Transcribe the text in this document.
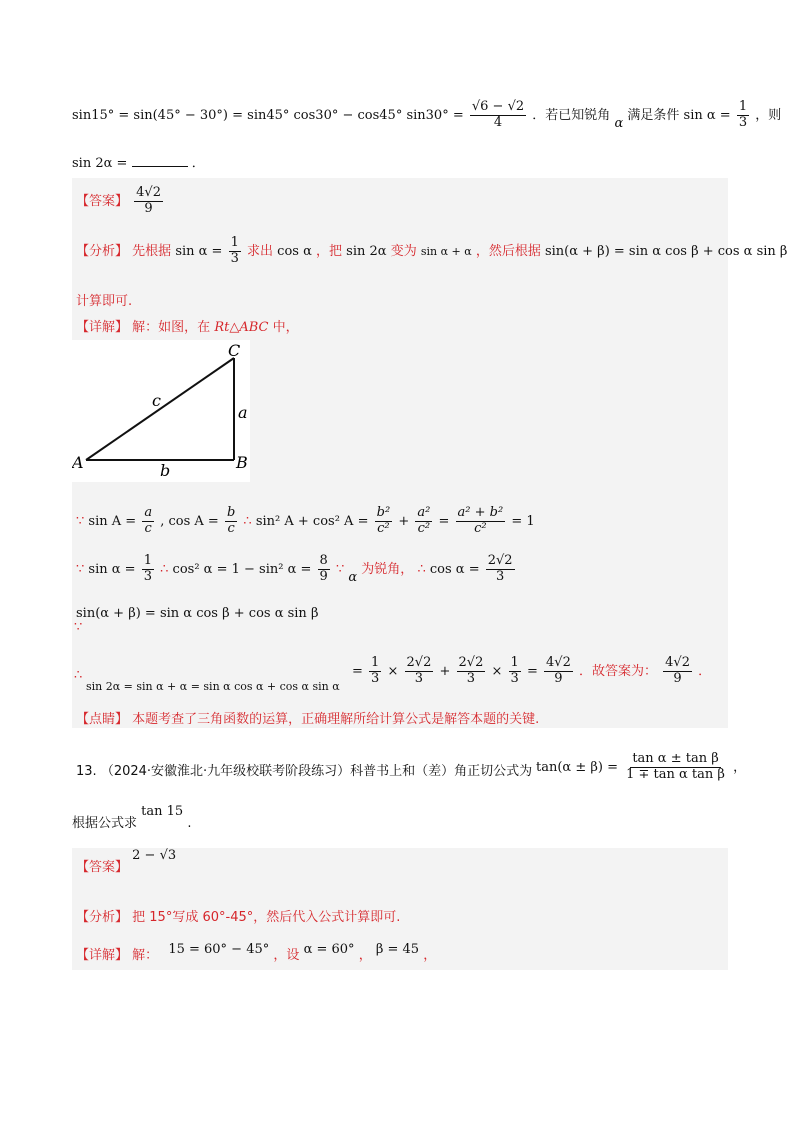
sin15° = sin(45° − 30°) = sin45° cos30° − cos45° $\sin 30^\circ = \frac{√6 - √2}{4}$ ．若已知锐角 α 满足条件 $\sin \alpha = \frac{1}{3}$ ，则
sin 2α =	．
【答案】 $\frac{4√2}{9}$
【分析】 先根据 $\sin \alpha = \frac{1}{3}$ 求出 cos α ，把 sin 2α 变为 sin α + α ，然后根据 sin(α + β) = sin α cos β + cos α sin β
计算即可.
【详解】 解：如图，在 Rt△ABC 中，
A	B
C
a
b
c
∵ $\sin A = \frac{a}{c}$ , $\cos A = \frac{b}{c}$ ∴ sin² A + cos² $A = \frac{\text{b²}}{\text{c²}} + \frac{\text{a²}}{\text{c²}} = \frac{\text{a² + b²}}{\text{c²}} = 1$
∵ $\sin \alpha = \frac{1}{3}$ ∴ cos² α = 1 − sin² $\alpha = \frac{8}{9}$ ∵ α 为锐角， ∴ $\cos \alpha = \frac{2√2}{3}$
sin(α + β) = sin α cos β + cos α sin β
∵
∴
sin 2α = sin α + α = sin α cos α + cos α sin α
= $\frac{1}{3} \times \frac{2√2}{3} + \frac{2√2}{3} \times \frac{1}{3} = \frac{4√2}{9}$ ．故答案为： $\frac{4√2}{9}$ ．
【点睛】 本题考查了三角函数的运算，正确理解所给计算公式是解答本题的关键.
13. （2024·安徽淮北·九年级校联考阶段练习）科普书上和（差）角正切公式为 $\tan(\alpha \pm \beta) = \frac{\text{tan α ± tan β}}{\text{1 ∓ tan α tan β}}$ ，
根据公式求 tan 15 .
【答案】 2 − √3
【分析】 把 15°写成 60°-45°，然后代入公式计算即可.
【详解】 解： 15 = 60° − 45° ，设 α = 60° ， β = 45 ，
